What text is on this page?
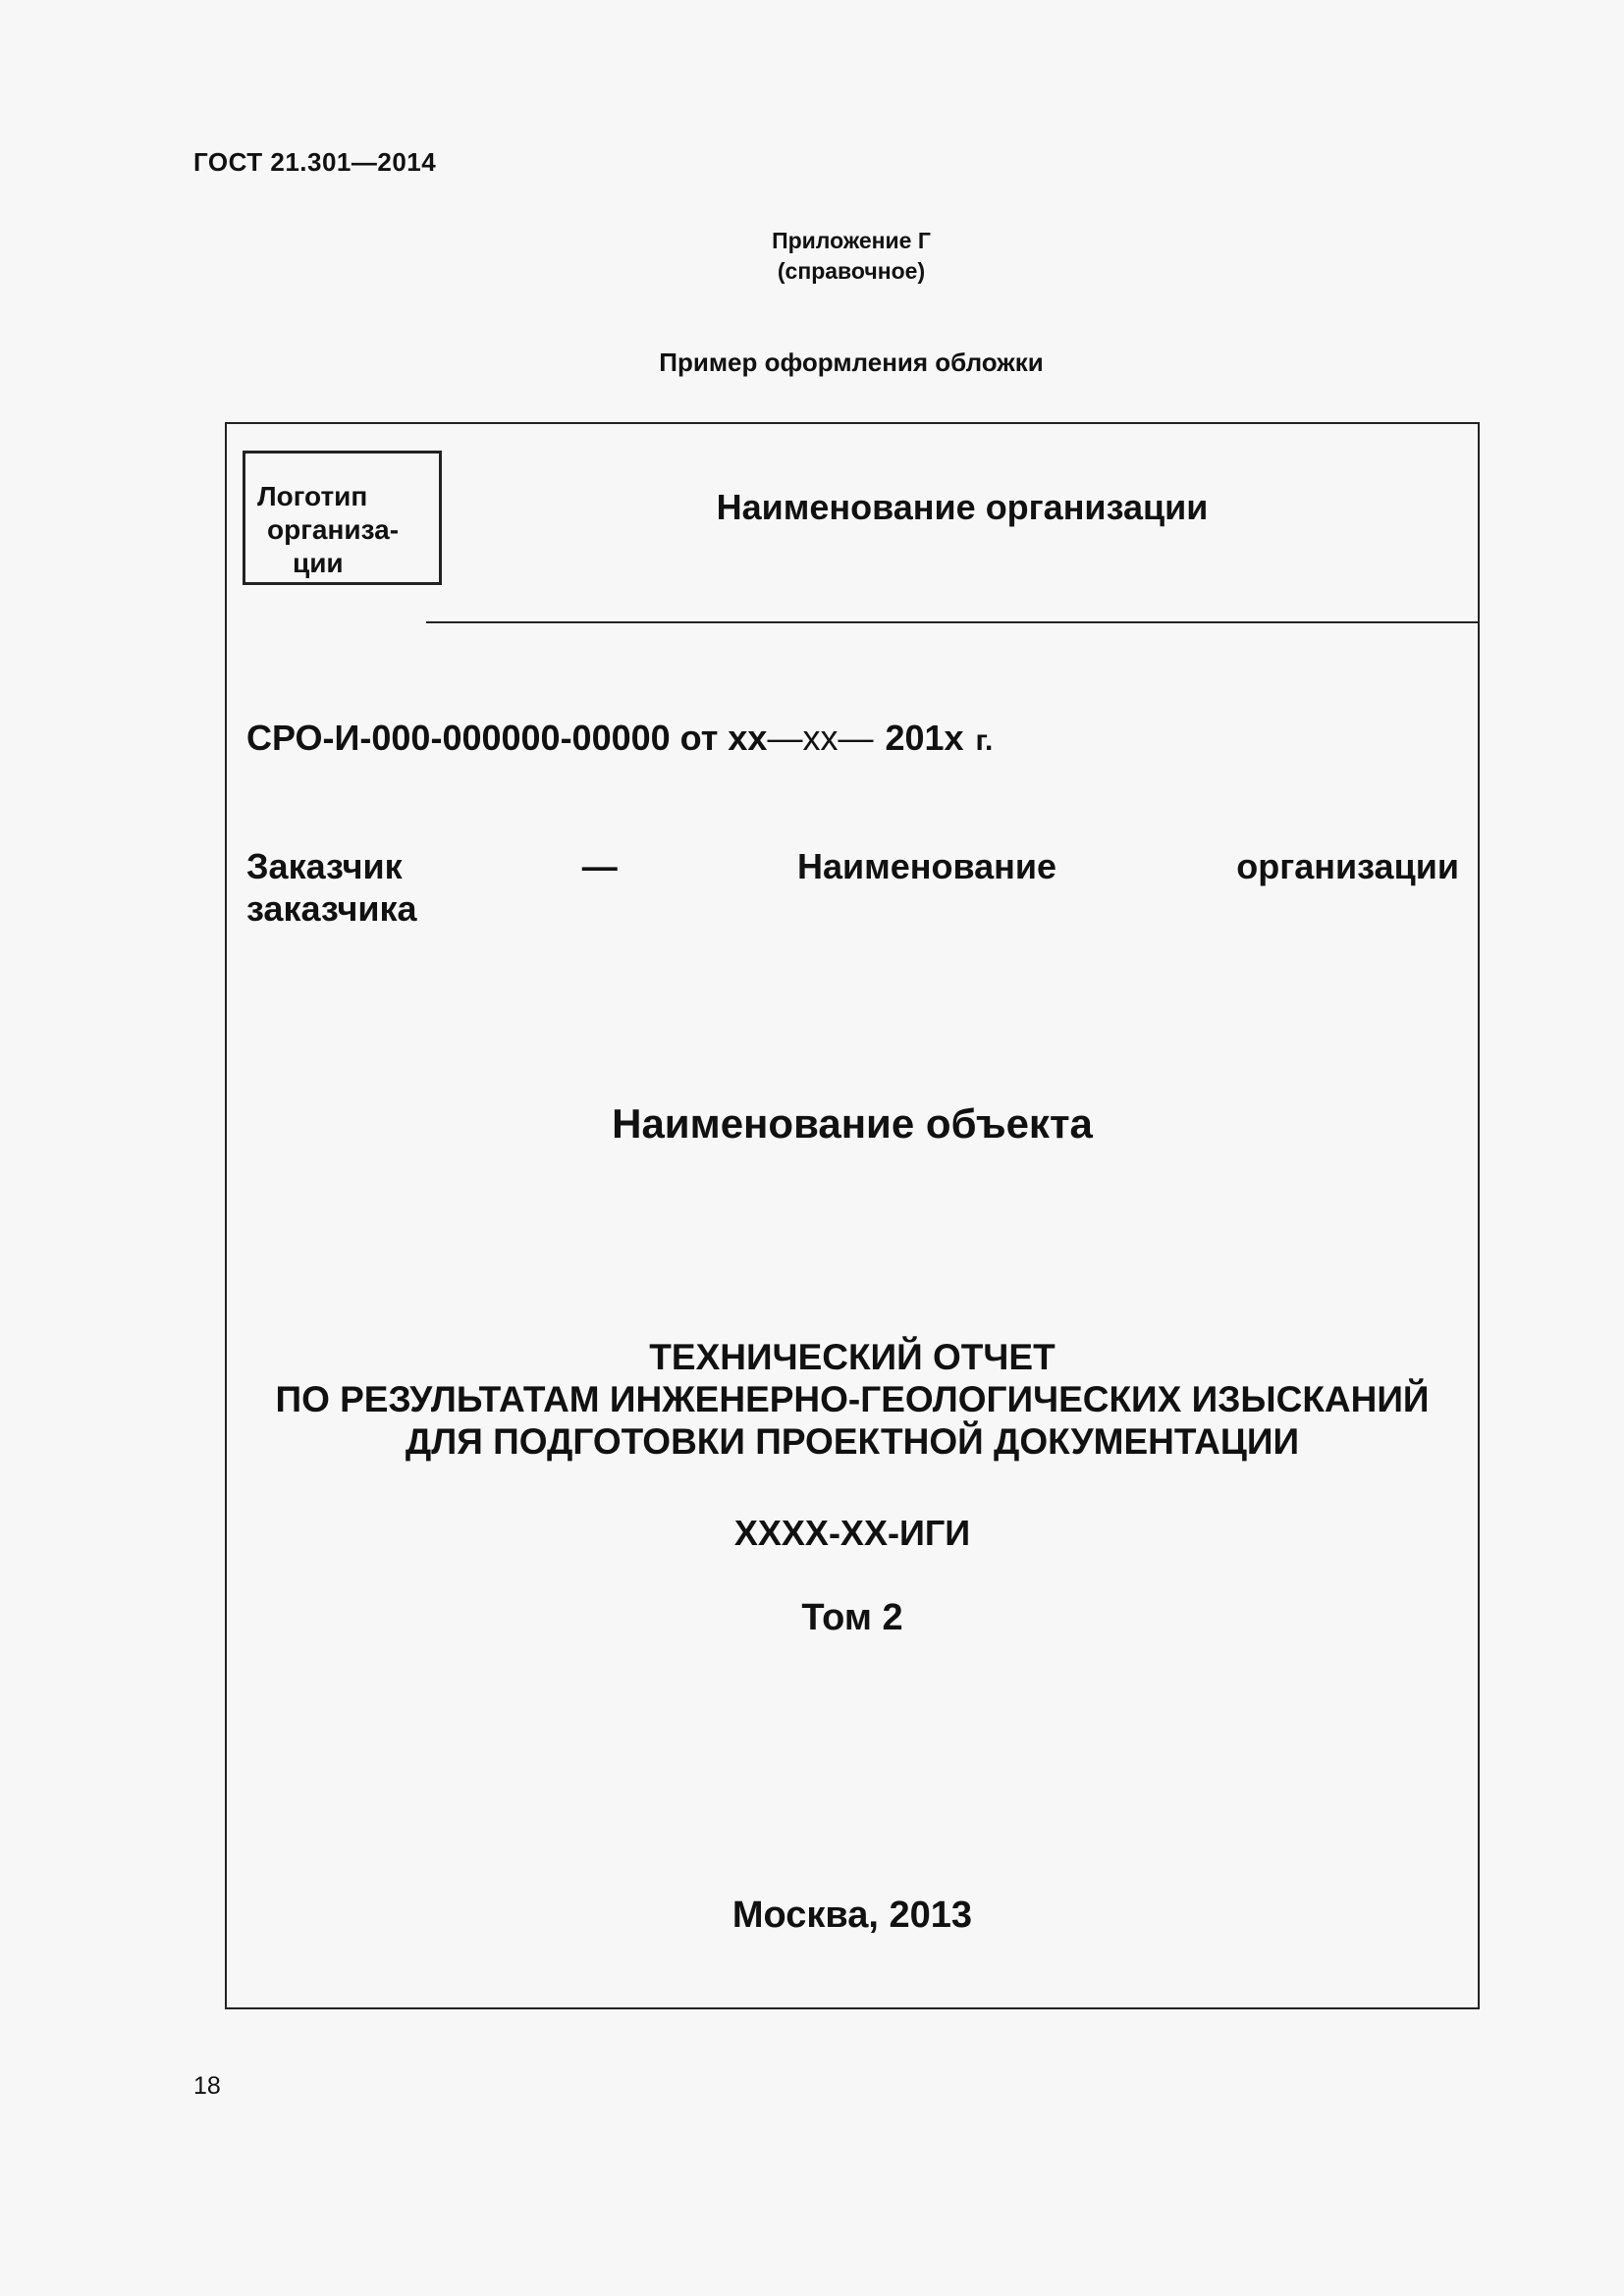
ГОСТ 21.301—2014
Приложение Г
(справочное)
Пример оформления обложки
Логотип
организа-
ции
Наименование организации
СРО-И-000-000000-00000 от хх—хх— 201х г.
Заказчик	—	Наименование	организации
заказчика
Наименование объекта
ТЕХНИЧЕСКИЙ ОТЧЕТ
ПО РЕЗУЛЬТАТАМ ИНЖЕНЕРНО-ГЕОЛОГИЧЕСКИХ ИЗЫСКАНИЙ
ДЛЯ ПОДГОТОВКИ ПРОЕКТНОЙ ДОКУМЕНТАЦИИ
ХХХХ-ХХ-ИГИ
Том 2
Москва, 2013
18
